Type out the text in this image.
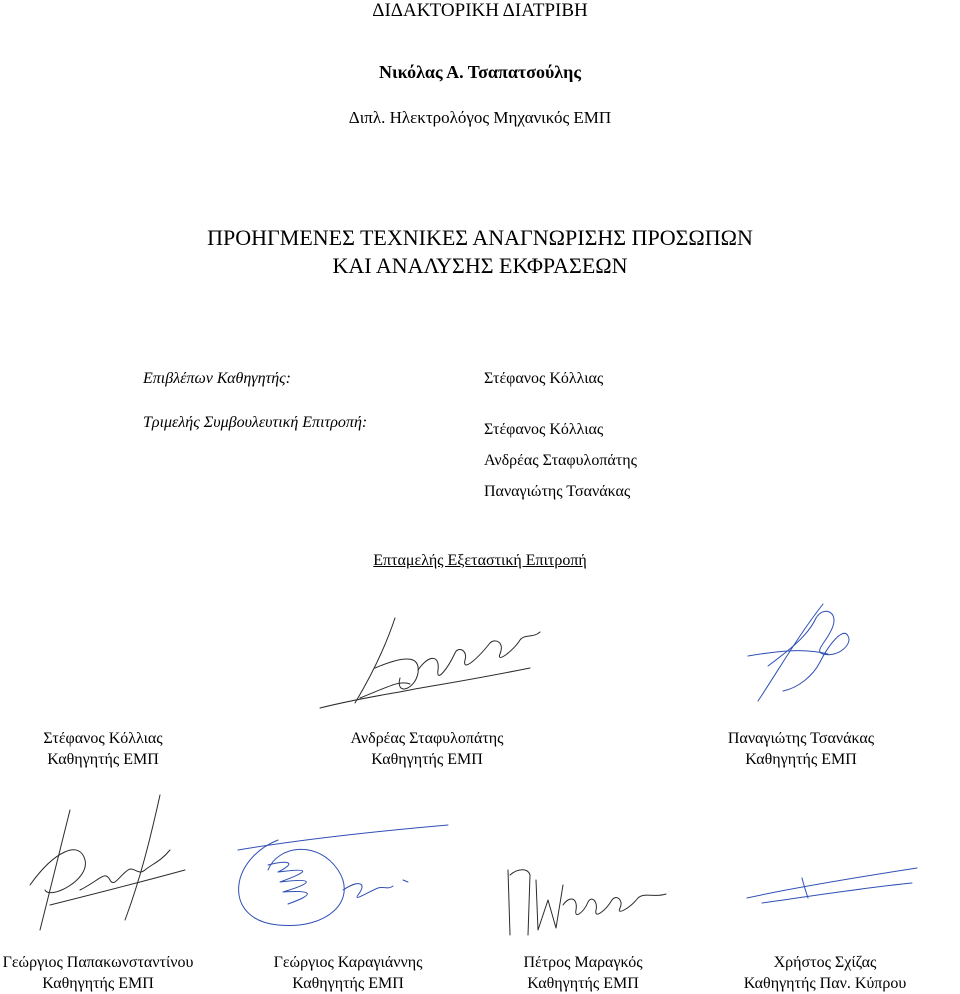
ΔΙΔΑΚΤΟΡΙΚΗ ΔΙΑΤΡΙΒΗ
Νικόλας Α. Τσαπατσούλης
Διπλ. Ηλεκτρολόγος Μηχανικός ΕΜΠ
ΠΡΟΗΓΜΕΝΕΣ ΤΕΧΝΙΚΕΣ ΑΝΑΓΝΩΡΙΣΗΣ ΠΡΟΣΩΠΩΝ
ΚΑΙ ΑΝΑΛΥΣΗΣ ΕΚΦΡΑΣΕΩΝ
Επιβλέπων Καθηγητής:	Στέφανος Κόλλιας
Τριμελής Συμβουλευτική Επιτροπή:	Στέφανος Κόλλιας
Ανδρέας Σταφυλοπάτης
Παναγιώτης Τσανάκας
Επταμελής Εξεταστική Επιτροπή
Στέφανος Κόλλιας
Καθηγητής ΕΜΠ
Ανδρέας Σταφυλοπάτης
Καθηγητής ΕΜΠ
Παναγιώτης Τσανάκας
Καθηγητής ΕΜΠ
Γεώργιος Παπακωνσταντίνου
Καθηγητής ΕΜΠ
Γεώργιος Καραγιάννης
Καθηγητής ΕΜΠ
Πέτρος Μαραγκός
Καθηγητής ΕΜΠ
Χρήστος Σχίζας
Καθηγητής Παν. Κύπρου
